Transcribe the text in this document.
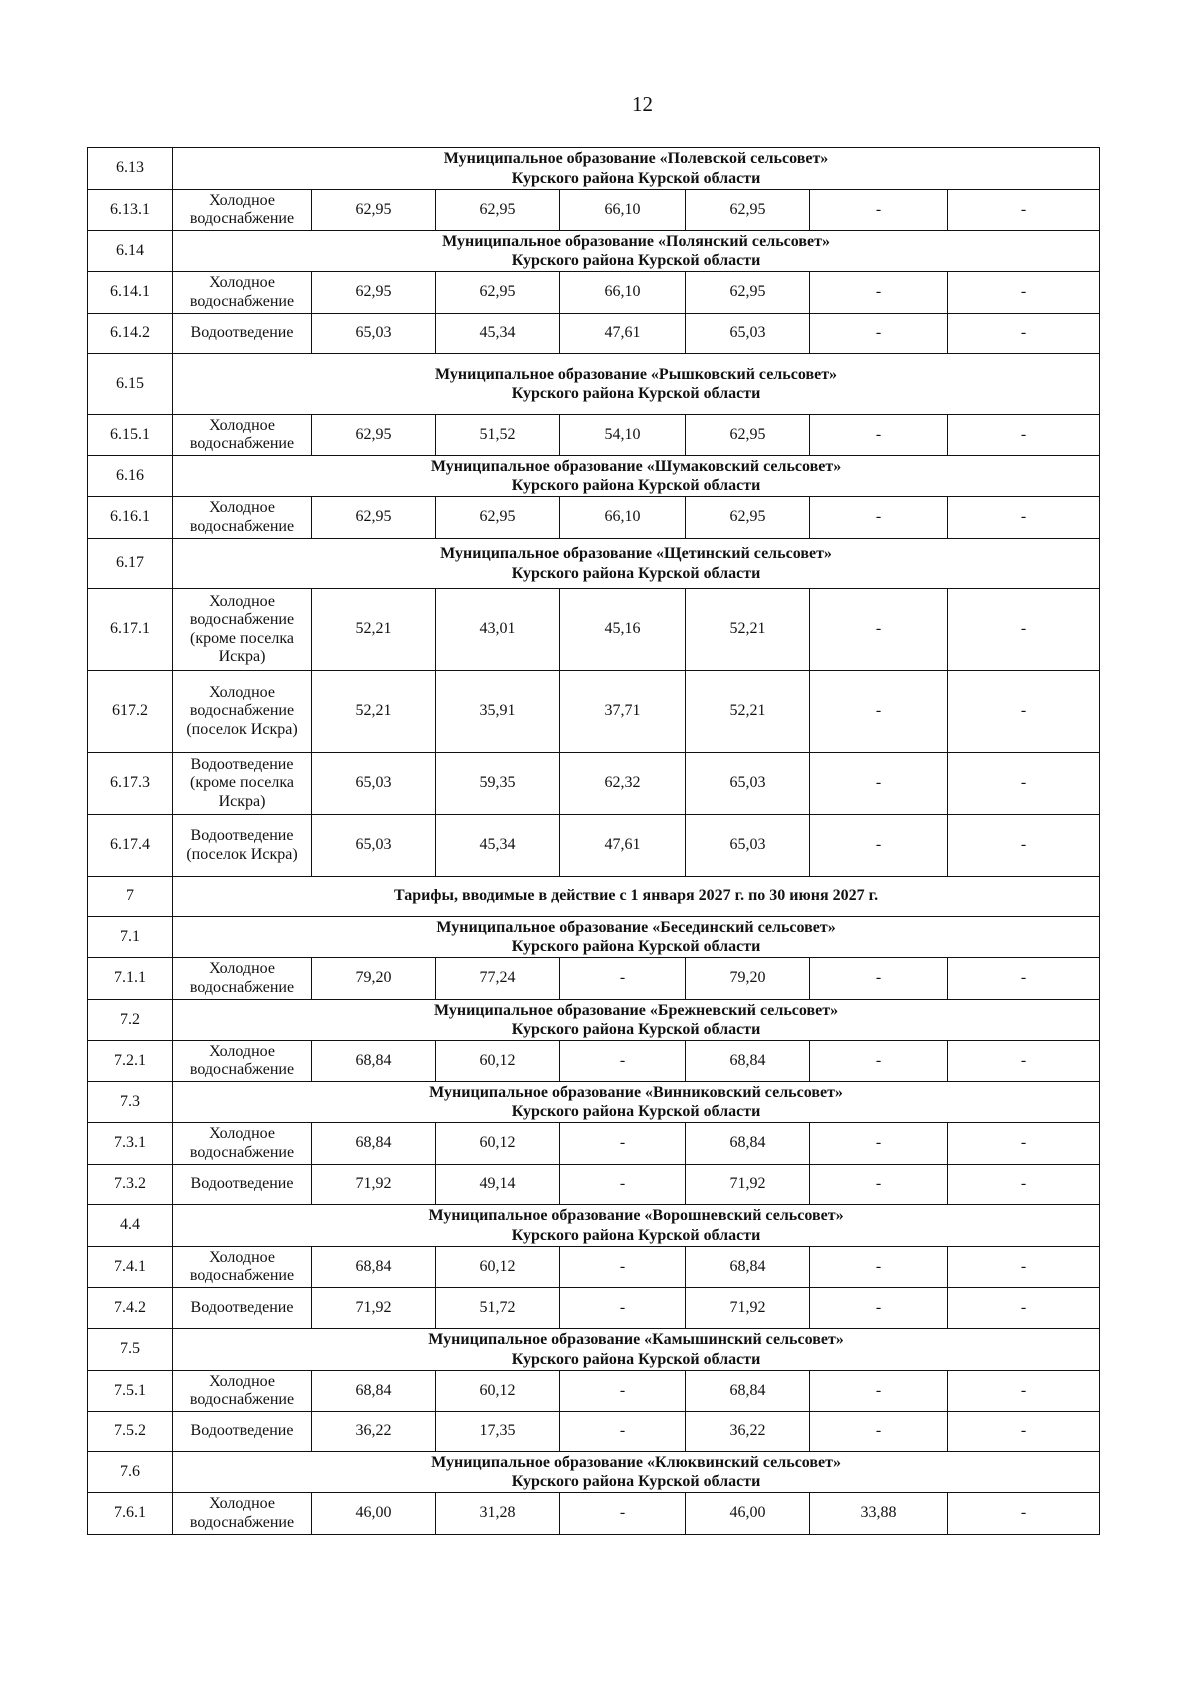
12
6.13	Муниципальное образование «Полевской сельсовет»
Курского района Курской области						

6.13.1	Холодное водоснабжение	62,95	62,95	66,10	62,95	-	-
6.14	Муниципальное образование «Полянский сельсовет»
Курского района Курской области						

6.14.1	Холодное водоснабжение	62,95	62,95	66,10	62,95	-	-
6.14.2	Водоотведение	65,03	45,34	47,61	65,03	-	-
6.15	Муниципальное образование «Рышковский сельсовет»
Курского района Курской области						

6.15.1	Холодное водоснабжение	62,95	51,52	54,10	62,95	-	-
6.16	Муниципальное образование «Шумаковский сельсовет»
Курского района Курской области						

6.16.1	Холодное водоснабжение	62,95	62,95	66,10	62,95	-	-
6.17	Муниципальное образование «Щетинский сельсовет»
Курского района Курской области						

6.17.1	Холодное водоснабжение (кроме поселка Искра)	52,21	43,01	45,16	52,21	-	-
617.2	Холодное водоснабжение (поселок Искра)	52,21	35,91	37,71	52,21	-	-
6.17.3	Водоотведение (кроме поселка Искра)	65,03	59,35	62,32	65,03	-	-
6.17.4	Водоотведение (поселок Искра)	65,03	45,34	47,61	65,03	-	-
7	Тарифы, вводимые в действие с 1 января 2027 г. по 30 июня 2027 г.						
7.1	Муниципальное образование «Бесединский сельсовет»
Курского района Курской области						

7.1.1	Холодное водоснабжение	79,20	77,24	-	79,20	-	-
7.2	Муниципальное образование «Брежневский сельсовет»
Курского района Курской области						

7.2.1	Холодное водоснабжение	68,84	60,12	-	68,84	-	-
7.3	Муниципальное образование «Винниковский сельсовет»
Курского района Курской области						

7.3.1	Холодное водоснабжение	68,84	60,12	-	68,84	-	-
7.3.2	Водоотведение	71,92	49,14	-	71,92	-	-
4.4	Муниципальное образование «Ворошневский сельсовет»
Курского района Курской области						

7.4.1	Холодное водоснабжение	68,84	60,12	-	68,84	-	-
7.4.2	Водоотведение	71,92	51,72	-	71,92	-	-
7.5	Муниципальное образование «Камышинский сельсовет»
Курского района Курской области						

7.5.1	Холодное водоснабжение	68,84	60,12	-	68,84	-	-
7.5.2	Водоотведение	36,22	17,35	-	36,22	-	-
7.6	Муниципальное образование «Клюквинский сельсовет»
Курского района Курской области						

7.6.1	Холодное водоснабжение	46,00	31,28	-	46,00	33,88	-
